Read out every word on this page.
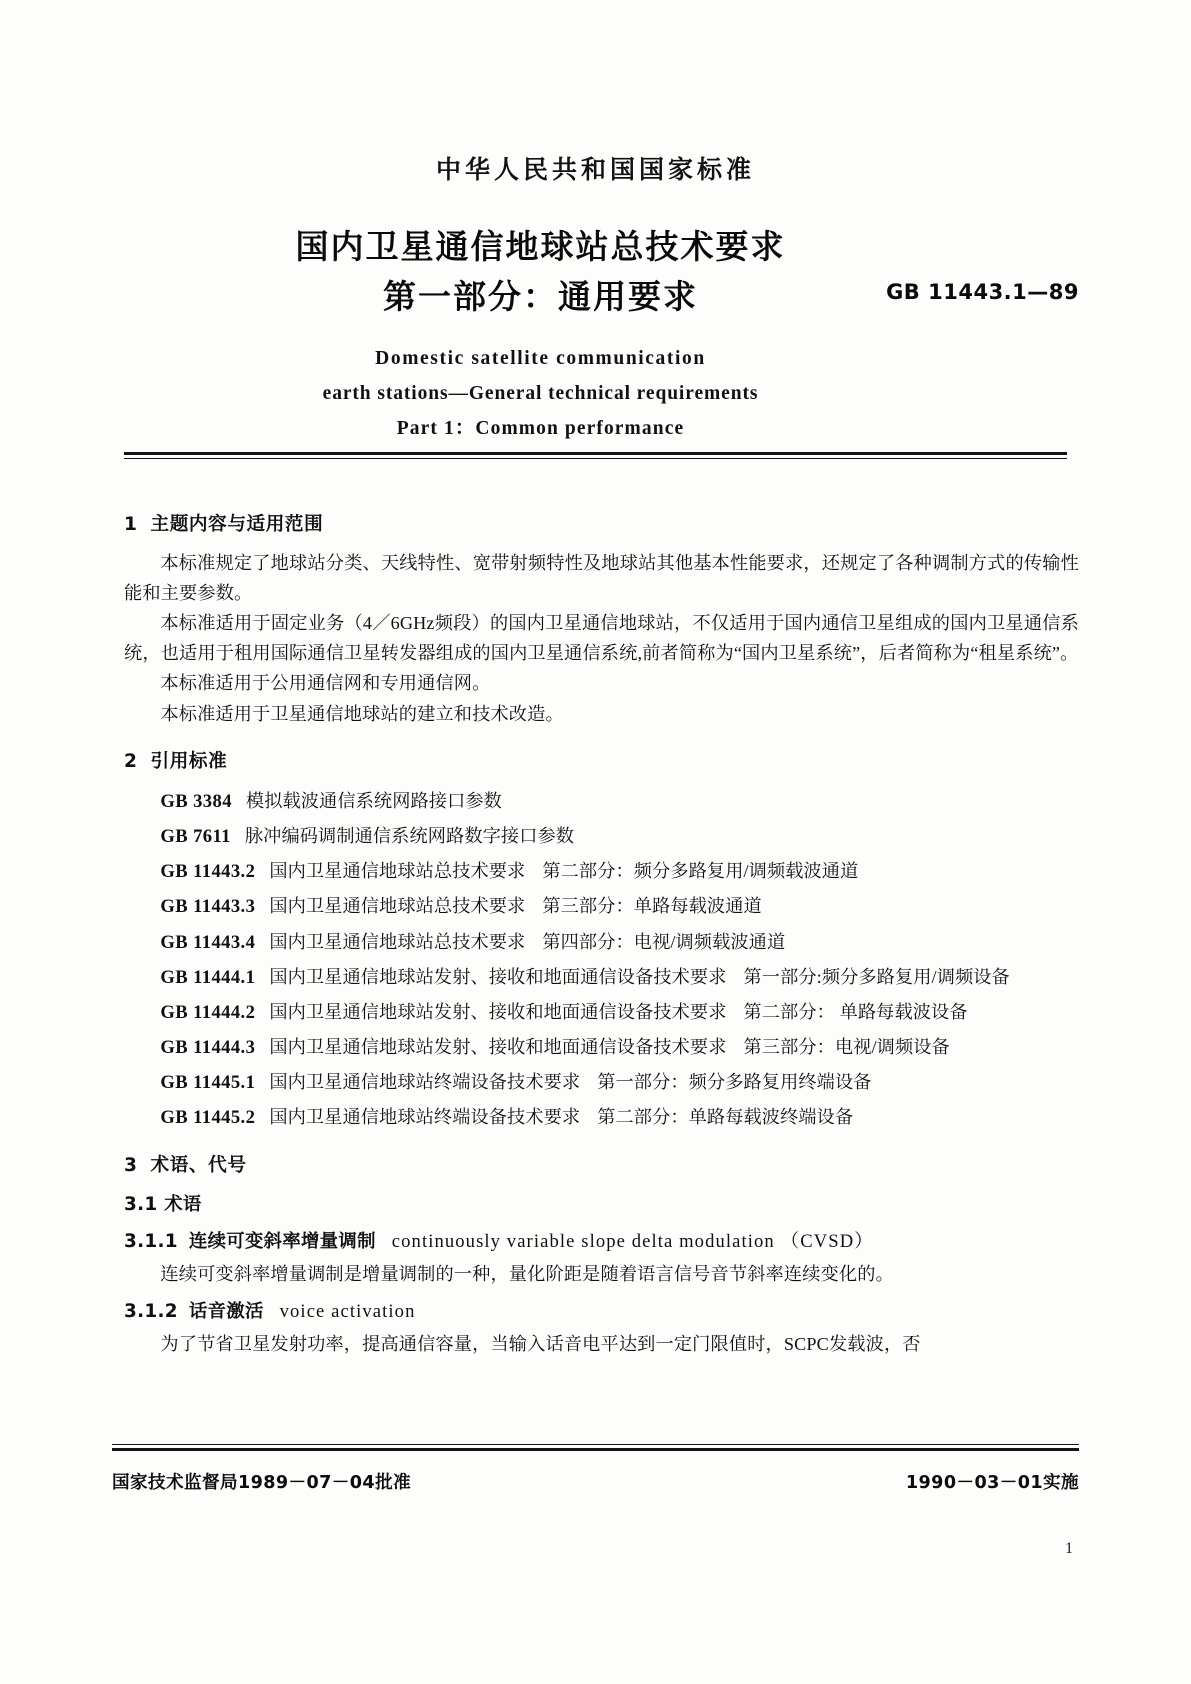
中华人民共和国国家标准
国内卫星通信地球站总技术要求
第一部分：通用要求	GB 11443.1—89
Domestic satellite communication
earth stations—General technical requirements
Part 1：Common performance
1 主题内容与适用范围

本标准规定了地球站分类、天线特性、宽带射频特性及地球站其他基本性能要求，还规定了各种调制方式的传输性能和主要参数。

本标准适用于固定业务（4／6GHz频段）的国内卫星通信地球站，不仅适用于国内通信卫星组成的国内卫星通信系统，也适用于租用国际通信卫星转发器组成的国内卫星通信系统,前者简称为“国内卫星系统”，后者简称为“租星系统”。

本标准适用于公用通信网和专用通信网。

本标准适用于卫星通信地球站的建立和技术改造。

2 引用标准
GB 3384 模拟载波通信系统网路接口参数
GB 7611 脉冲编码调制通信系统网路数字接口参数
GB 11443.2 国内卫星通信地球站总技术要求 第二部分：频分多路复用/调频载波通道
GB 11443.3 国内卫星通信地球站总技术要求 第三部分：单路每载波通道
GB 11443.4 国内卫星通信地球站总技术要求 第四部分：电视/调频载波通道
GB 11444.1 国内卫星通信地球站发射、接收和地面通信设备技术要求 第一部分:频分多路复用/调频设备
GB 11444.2 国内卫星通信地球站发射、接收和地面通信设备技术要求 第二部分： 单路每载波设备
GB 11444.3 国内卫星通信地球站发射、接收和地面通信设备技术要求 第三部分：电视/调频设备
GB 11445.1 国内卫星通信地球站终端设备技术要求 第一部分：频分多路复用终端设备
GB 11445.2 国内卫星通信地球站终端设备技术要求 第二部分：单路每载波终端设备
3 术语、代号
3.1 术语
3.1.1 连续可变斜率增量调制 continuously variable slope delta modulation （CVSD）

连续可变斜率增量调制是增量调制的一种，量化阶距是随着语言信号音节斜率连续变化的。

3.1.2 话音激活 voice activation

为了节省卫星发射功率，提高通信容量，当输入话音电平达到一定门限值时，SCPC发载波，否

国家技术监督局1989－07－04批准	1990－03－01实施
1
